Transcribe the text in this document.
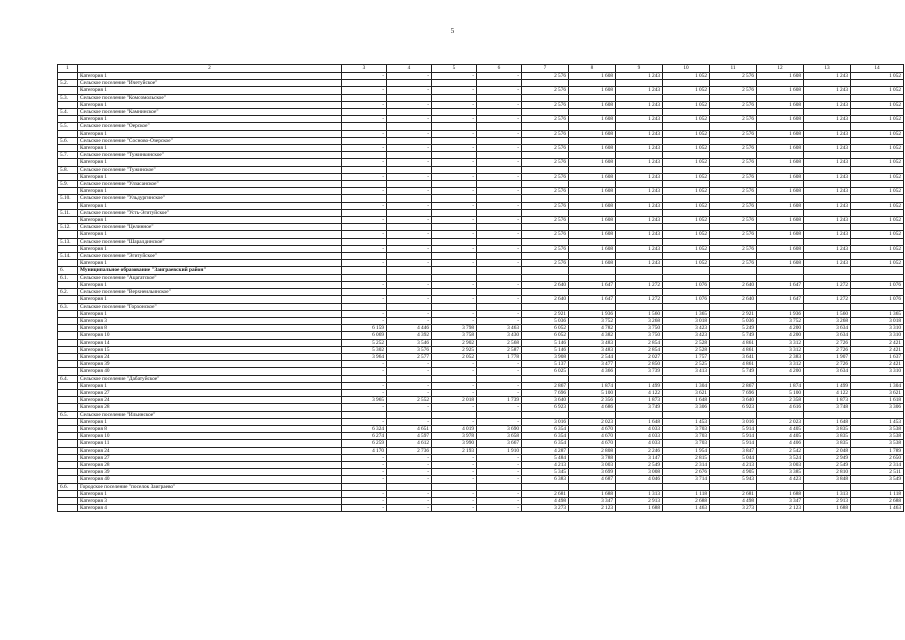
5
1	2	3	4	5	6	7	8	9	10	11	12	13	14
	Категория 1	-	-	-	-	2 576	1 608	1 243	1 052	2 576	1 608	1 243	1 052
5.2.	Сельское поселение "Ичетуйское"												
	Категория 1	-	-	-	-	2 576	1 608	1 243	1 052	2 576	1 608	1 243	1 052
5.3.	Сельское поселение "Комсомольское"												
	Категория 1	-	-	-	-	2 576	1 608	1 243	1 052	2 576	1 608	1 243	1 052
5.4.	Сельское поселение "Камнинское"												
	Категория 1	-	-	-	-	2 576	1 608	1 243	1 052	2 576	1 608	1 243	1 052
5.5.	Сельское поселение "Оерское"												
	Категория 1	-	-	-	-	2 576	1 608	1 243	1 052	2 576	1 608	1 243	1 052
5.6.	Сельское поселение "Сосново-Озерское"												
	Категория 1	-	-	-	-	2 576	1 608	1 243	1 052	2 576	1 608	1 243	1 052
5.7.	Сельское поселение "Тужинкинское"												
	Категория 1	-	-	-	-	2 576	1 608	1 243	1 052	2 576	1 608	1 243	1 052
5.8.	Сельское поселение "Тужинское"												
	Категория 1	-	-	-	-	2 576	1 608	1 243	1 052	2 576	1 608	1 243	1 052
5.9.	Сельское поселение "Улзасанское"												
	Категория 1	-	-	-	-	2 576	1 608	1 243	1 052	2 576	1 608	1 243	1 052
5.10.	Сельское поселение "Ульдургинское"												
	Категория 1	-	-	-	-	2 576	1 608	1 243	1 052	2 576	1 608	1 243	1 052
5.11.	Сельское поселение "Усть-Эгитуйское"												
	Категория 1	-	-	-	-	2 576	1 608	1 243	1 052	2 576	1 608	1 243	1 052
5.12.	Сельское поселение "Целинное"												
	Категория 1	-	-	-	-	2 576	1 608	1 243	1 052	2 576	1 608	1 243	1 052
5.13.	Сельское поселение "Шаралдинское"												
	Категория 1	-	-	-	-	2 576	1 608	1 243	1 052	2 576	1 608	1 243	1 052
5.14.	Сельское поселение "Эгитуйское"												
	Категория 1	-	-	-	-	2 576	1 608	1 243	1 052	2 576	1 608	1 243	1 052
6.	Муниципальное образование "Заиграевский район"												
6.1.	Сельское поселение "Ацагатское"												
	Категория 1	-	-	-	-	2 640	1 647	1 272	1 076	2 640	1 647	1 272	1 076
6.2.	Сельское поселение "Верхнеильинское"												
	Категория 1	-	-	-	-	2 640	1 647	1 272	1 076	2 640	1 647	1 272	1 076
6.3.	Сельское поселение "Горхонское"												
	Категория 1	-	-	-	-	2 921	1 936	1 560	1 365	2 921	1 936	1 560	1 365
	Категория 3	-	-	-	-	5 036	3 752	3 268	3 018	5 036	3 752	3 268	3 018
	Категория 8	6 159	4 446	3 798	3 463	6 052	4 782	3 750	3 423	5 249	4 200	3 634	3 310
	Категория 10	6 069	4 392	3 758	3 430	6 052	4 382	3 750	3 423	5 749	4 200	3 634	3 310
	Категория 14	5 252	3 546	2 902	2 568	5 146	3 483	2 854	2 528	4 861	3 312	2 726	2 421
	Категория 15	5 302	3 576	2 925	2 587	5 146	3 483	2 854	2 528	4 861	3 312	2 726	2 421
	Категория 24	3 964	2 577	2 052	1 778	3 908	2 544	2 027	1 757	3 641	2 383	1 907	1 637
	Категория 39	-	-	-	-	5 137	3 477	2 850	2 525	4 861	3 312	2 726	2 421
	Категория 40	-	-	-	-	6 025	4 366	3 739	3 413	5 749	4 200	3 634	3 310
6.4.	Сельское поселение "Дабатуйское"												
	Категория 1	-	-	-	-	2 867	1 874	1 499	1 304	2 867	1 874	1 499	1 304
	Категория 27	-	-	-	-	7 696	5 100	4 122	3 621	7 696	5 100	4 122	3 621
	Категория 24	3 965	2 552	2 018	1 739	3 640	2 356	1 873	1 648	3 640	2 358	1 873	1 618
	Категория 28	-	-	-	-	6 923	4 686	3 749	3 306	6 923	4 616	3 748	3 306
6.5.	Сельское поселение "Ильинское"												
	Категория 1	-	-	-	-	3 016	2 023	1 648	1 453	3 016	2 023	1 648	1 453
	Категория 8	6 324	4 651	4 019	3 690	6 354	4 670	4 033	3 703	5 914	4 405	3 835	3 538
	Категория 10	6 274	4 597	3 978	3 658	6 354	4 670	4 033	3 703	5 914	4 405	3 835	3 538
	Категория 11	6 259	4 612	3 990	3 667	6 354	4 670	4 033	3 703	5 914	4 406	3 835	3 538
	Категория 24	4 170	2 736	2 193	1 910	4 287	2 808	2 246	1 954	3 847	2 542	2 048	1 789
	Категория 27	-	-	-	-	5 484	3 788	3 147	2 815	5 044	3 524	2 949	2 650
	Категория 28	-	-	-	-	4 213	3 003	2 549	2 314	4 213	3 003	2 549	2 314
	Категория 39	-	-	-	-	5 345	3 699	3 008	2 676	4 905	3 385	2 810	2 511
	Категория 40	-	-	-	-	6 383	4 687	4 046	3 714	5 943	4 423	3 848	3 549
6.6.	Городское поселение "поселок Заиграево"												
	Категория 1	-	-	-	-	2 681	1 688	1 313	1 118	2 681	1 688	1 313	1 118
	Категория 3	-	-	-	-	4 498	3 347	2 913	2 688	4 498	3 347	2 913	2 688
	Категория 4	-	-	-	-	3 273	2 123	1 688	1 463	3 273	2 123	1 688	1 463
